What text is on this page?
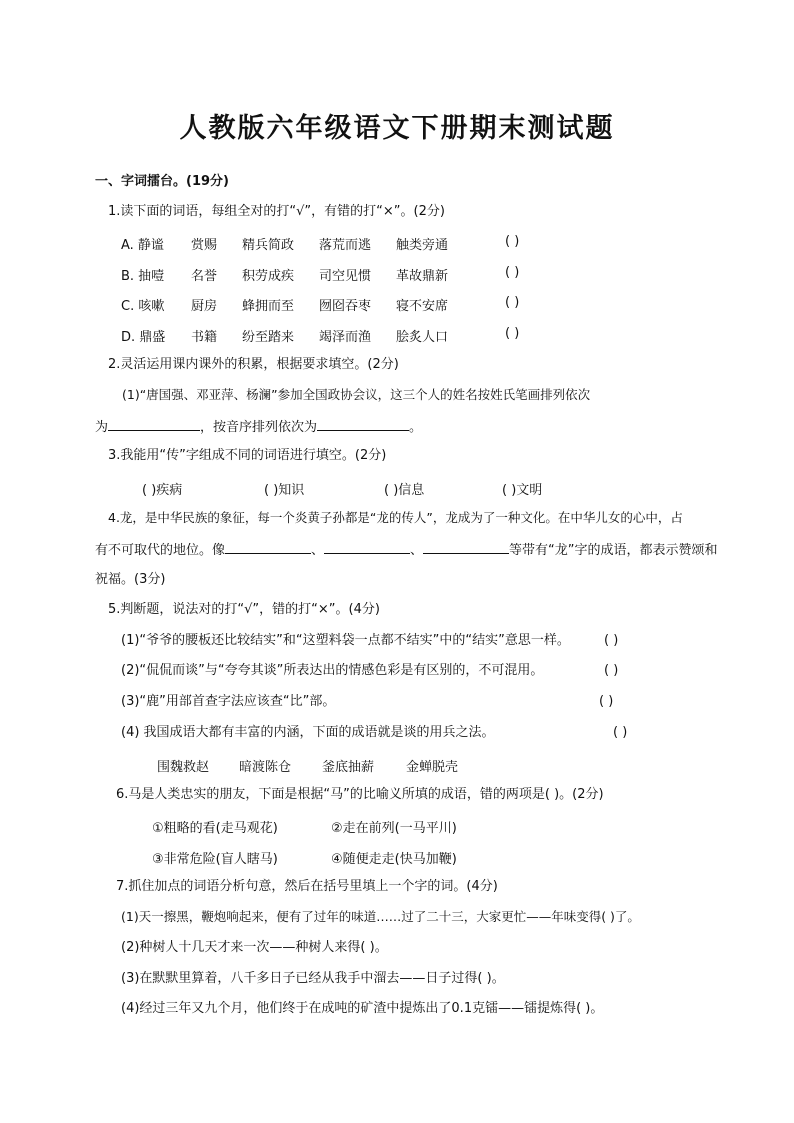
人教版六年级语文下册期末测试题
一、字词擂台。(19分)
1.读下面的词语，每组全对的打“√”，有错的打“×”。(2分)
A. 静谧 赏赐 精兵简政 落荒而逃 触类旁通	( )
B. 抽噎 名誉 积劳成疾 司空见惯 革故鼎新	( )
C. 咳嗽 厨房 蜂拥而至 囫囵吞枣 寝不安席	( )
D. 鼎盛 书籍 纷至踏来 竭泽而渔 脍炙人口	( )
2.灵活运用课内课外的积累，根据要求填空。(2分)
(1)“唐国强、邓亚萍、杨澜”参加全国政协会议，这三个人的姓名按姓氏笔画排列依次
为	，按音序排列依次为	。
3.我能用“传”字组成不同的词语进行填空。(2分)
( )疾病	( )知识	( )信息	( )文明
4.龙，是中华民族的象征，每一个炎黄子孙都是“龙的传人”，龙成为了一种文化。在中华儿女的心中，占
有不可取代的地位。像	、	、	等带有“龙”字的成语，都表示赞颂和
祝福。(3分)
5.判断题，说法对的打“√”，错的打“×”。(4分)
(1)“爷爷的腰板还比较结实”和“这塑料袋一点都不结实”中的“结实”意思一样。	( )
(2)“侃侃而谈”与“夸夸其谈”所表达出的情感色彩是有区别的，不可混用。	( )
(3)“鹿”用部首查字法应该查“比”部。	( )
(4) 我国成语大都有丰富的内涵，下面的成语就是谈的用兵之法。	( )
围魏救赵 暗渡陈仓 釜底抽薪 金蝉脱壳
6.马是人类忠实的朋友，下面是根据“马”的比喻义所填的成语，错的两项是( )。(2分)
①粗略的看(走马观花)	②走在前列(一马平川)
③非常危险(盲人瞎马)	④随便走走(快马加鞭)
7.抓住加点的词语分析句意，然后在括号里填上一个字的词。(4分)
(1)天一擦黑，鞭炮响起来，便有了过年的味道……过了二十三，大家更忙——年味变得( )了。
(2)种树人十几天才来一次——种树人来得( )。
(3)在默默里算着，八千多日子已经从我手中溜去——日子过得( )。
(4)经过三年又九个月，他们终于在成吨的矿渣中提炼出了0.1克镭——镭提炼得( )。
